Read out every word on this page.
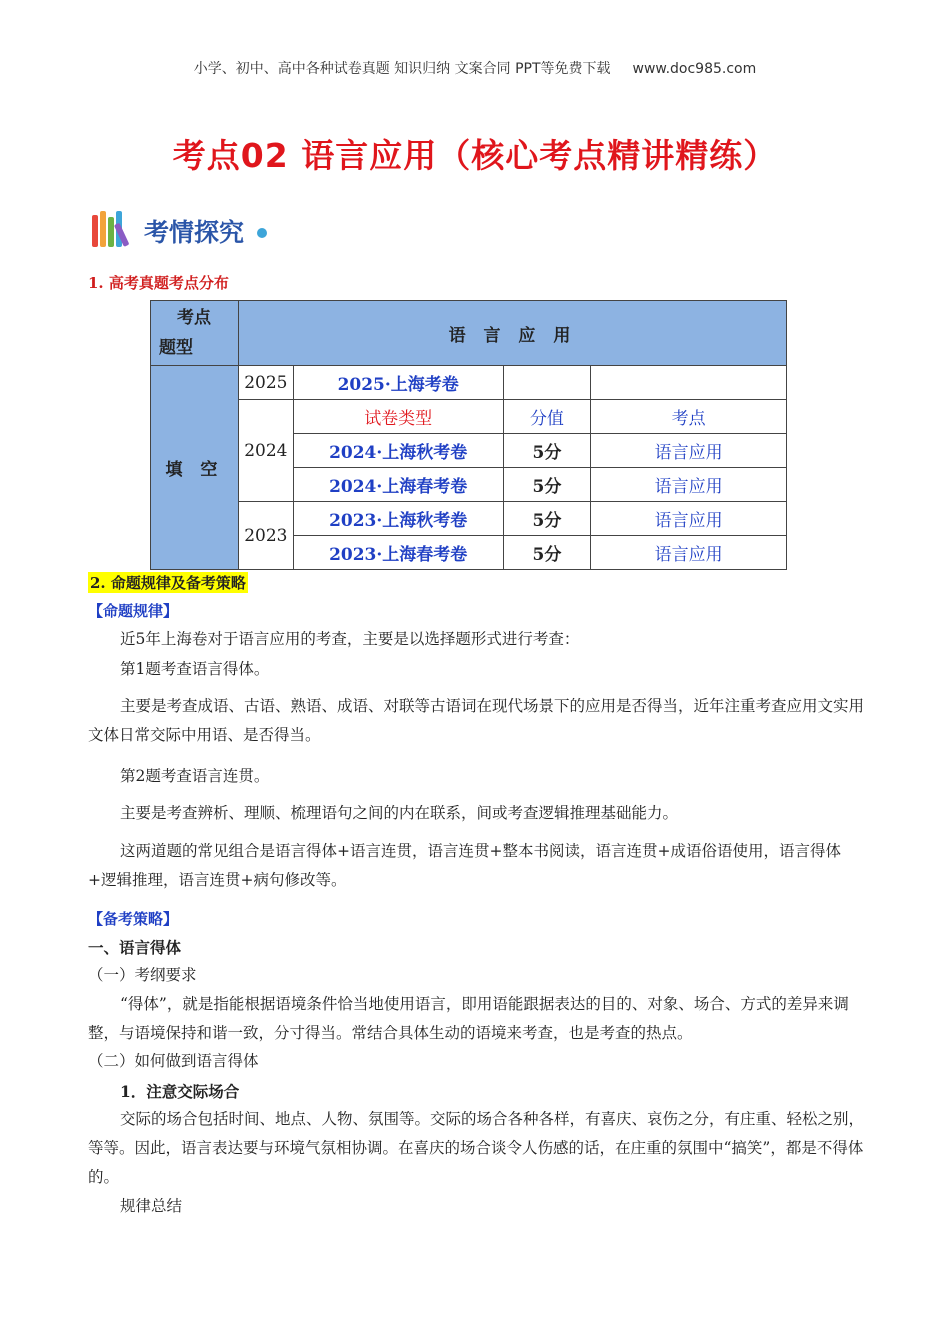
小学、初中、高中各种试卷真题 知识归纳 文案合同 PPT等免费下载 www.doc985.com
考点02 语言应用（核心考点精讲精练）
考情探究
1. 高考真题考点分布
考点
题型	语 言 应 用			
填 空	2025	2025·上海考卷		
	2024	试卷类型	分值	考点
		2024·上海秋考卷	5分	语言应用
		2024·上海春考卷	5分	语言应用
	2023	2023·上海秋考卷	5分	语言应用
		2023·上海春考卷	5分	语言应用
2. 命题规律及备考策略
【命题规律】
近5年上海卷对于语言应用的考查，主要是以选择题形式进行考查：
第1题考查语言得体。
主要是考查成语、古语、熟语、成语、对联等古语词在现代场景下的应用是否得当，近年注重考查应用文实用文体日常交际中用语、是否得当。
第2题考查语言连贯。
主要是考查辨析、理顺、梳理语句之间的内在联系，间或考查逻辑推理基础能力。
这两道题的常见组合是语言得体+语言连贯，语言连贯+整本书阅读，语言连贯+成语俗语使用，语言得体+逻辑推理，语言连贯+病句修改等。
【备考策略】
一、语言得体
（一）考纲要求
“得体”，就是指能根据语境条件恰当地使用语言，即用语能跟据表达的目的、对象、场合、方式的差异来调整，与语境保持和谐一致，分寸得当。常结合具体生动的语境来考查，也是考查的热点。
（二）如何做到语言得体
1．注意交际场合
交际的场合包括时间、地点、人物、氛围等。交际的场合各种各样，有喜庆、哀伤之分，有庄重、轻松之别，等等。因此，语言表达要与环境气氛相协调。在喜庆的场合谈令人伤感的话，在庄重的氛围中“搞笑”，都是不得体的。
规律总结
